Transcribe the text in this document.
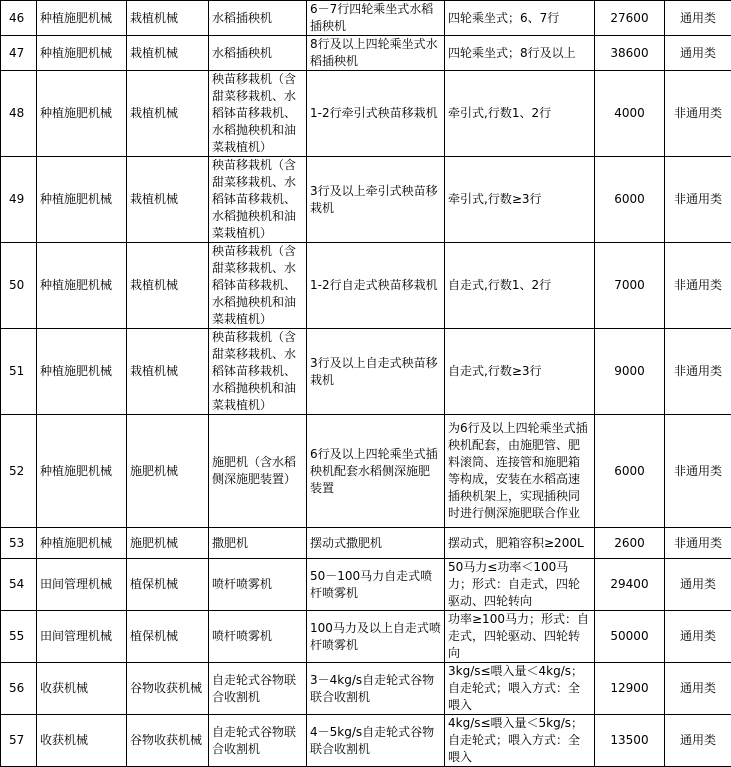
46	种植施肥机械	栽植机械	水稻插秧机	6－7行四轮乘坐式水稻插秧机	四轮乘坐式；6、7行	27600	通用类
47	种植施肥机械	栽植机械	水稻插秧机	8行及以上四轮乘坐式水稻插秧机	四轮乘坐式；8行及以上	38600	通用类
48	种植施肥机械	栽植机械	秧苗移栽机（含甜菜移栽机、水稻钵苗移栽机、水稻抛秧机和油菜栽植机）	1-2行牵引式秧苗移栽机	牵引式,行数1、2行	4000	非通用类
49	种植施肥机械	栽植机械	秧苗移栽机（含甜菜移栽机、水稻钵苗移栽机、水稻抛秧机和油菜栽植机）	3行及以上牵引式秧苗移栽机	牵引式,行数≥3行	6000	非通用类
50	种植施肥机械	栽植机械	秧苗移栽机（含甜菜移栽机、水稻钵苗移栽机、水稻抛秧机和油菜栽植机）	1-2行自走式秧苗移栽机	自走式,行数1、2行	7000	非通用类
51	种植施肥机械	栽植机械	秧苗移栽机（含甜菜移栽机、水稻钵苗移栽机、水稻抛秧机和油菜栽植机）	3行及以上自走式秧苗移栽机	自走式,行数≥3行	9000	非通用类
52	种植施肥机械	施肥机械	施肥机（含水稻侧深施肥装置）	6行及以上四轮乘坐式插秧机配套水稻侧深施肥装置	为6行及以上四轮乘坐式插秧机配套，由施肥管、肥料滚筒、连接管和施肥箱等构成，安装在水稻高速插秧机架上，实现插秧同时进行侧深施肥联合作业	6000	非通用类
53	种植施肥机械	施肥机械	撒肥机	摆动式撒肥机	摆动式，肥箱容积≥200L	2600	非通用类
54	田间管理机械	植保机械	喷杆喷雾机	50－100马力自走式喷杆喷雾机	50马力≤功率＜100马力；形式：自走式，四轮驱动、四轮转向	29400	通用类
55	田间管理机械	植保机械	喷杆喷雾机	100马力及以上自走式喷杆喷雾机	功率≥100马力；形式：自走式，四轮驱动、四轮转向	50000	通用类
56	收获机械	谷物收获机械	自走轮式谷物联合收割机	3－4kg/s自走轮式谷物联合收割机	3kg/s≤喂入量＜4kg/s；自走轮式；喂入方式：全喂入	12900	通用类
57	收获机械	谷物收获机械	自走轮式谷物联合收割机	4－5kg/s自走轮式谷物联合收割机	4kg/s≤喂入量＜5kg/s；自走轮式；喂入方式：全喂入	13500	通用类
